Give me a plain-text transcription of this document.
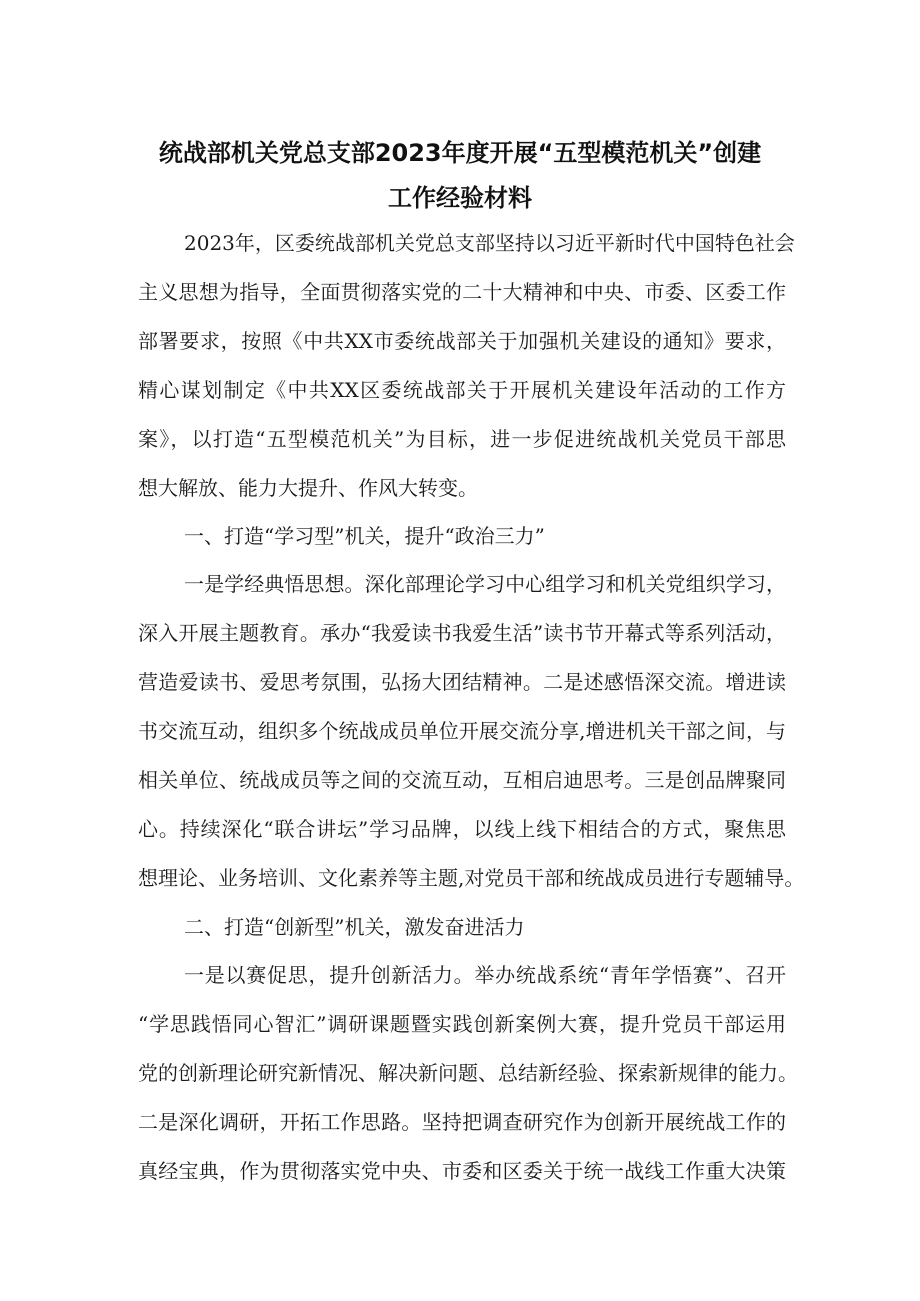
统战部机关党总支部2023年度开展“五型模范机关”创建
工作经验材料
2023年，区委统战部机关党总支部坚持以习近平新时代中国特色社会
主义思想为指导，全面贯彻落实党的二十大精神和中央、市委、区委工作
部署要求，按照《中共XX市委统战部关于加强机关建设的通知》要求，
精心谋划制定《中共XX区委统战部关于开展机关建设年活动的工作方
案》，以打造“五型模范机关”为目标，进一步促进统战机关党员干部思
想大解放、能力大提升、作风大转变。
一、打造“学习型”机关，提升“政治三力”
一是学经典悟思想。深化部理论学习中心组学习和机关党组织学习，
深入开展主题教育。承办“我爱读书我爱生活”读书节开幕式等系列活动，
营造爱读书、爱思考氛围，弘扬大团结精神。二是述感悟深交流。增进读
书交流互动，组织多个统战成员单位开展交流分享,增进机关干部之间，与
相关单位、统战成员等之间的交流互动，互相启迪思考。三是创品牌聚同
心。持续深化“联合讲坛”学习品牌，以线上线下相结合的方式，聚焦思
想理论、业务培训、文化素养等主题,对党员干部和统战成员进行专题辅导。
二、打造“创新型”机关，激发奋进活力
一是以赛促思，提升创新活力。举办统战系统“青年学悟赛”、召开
“学思践悟同心智汇”调研课题暨实践创新案例大赛，提升党员干部运用
党的创新理论研究新情况、解决新问题、总结新经验、探索新规律的能力。
二是深化调研，开拓工作思路。坚持把调查研究作为创新开展统战工作的
真经宝典，作为贯彻落实党中央、市委和区委关于统一战线工作重大决策
